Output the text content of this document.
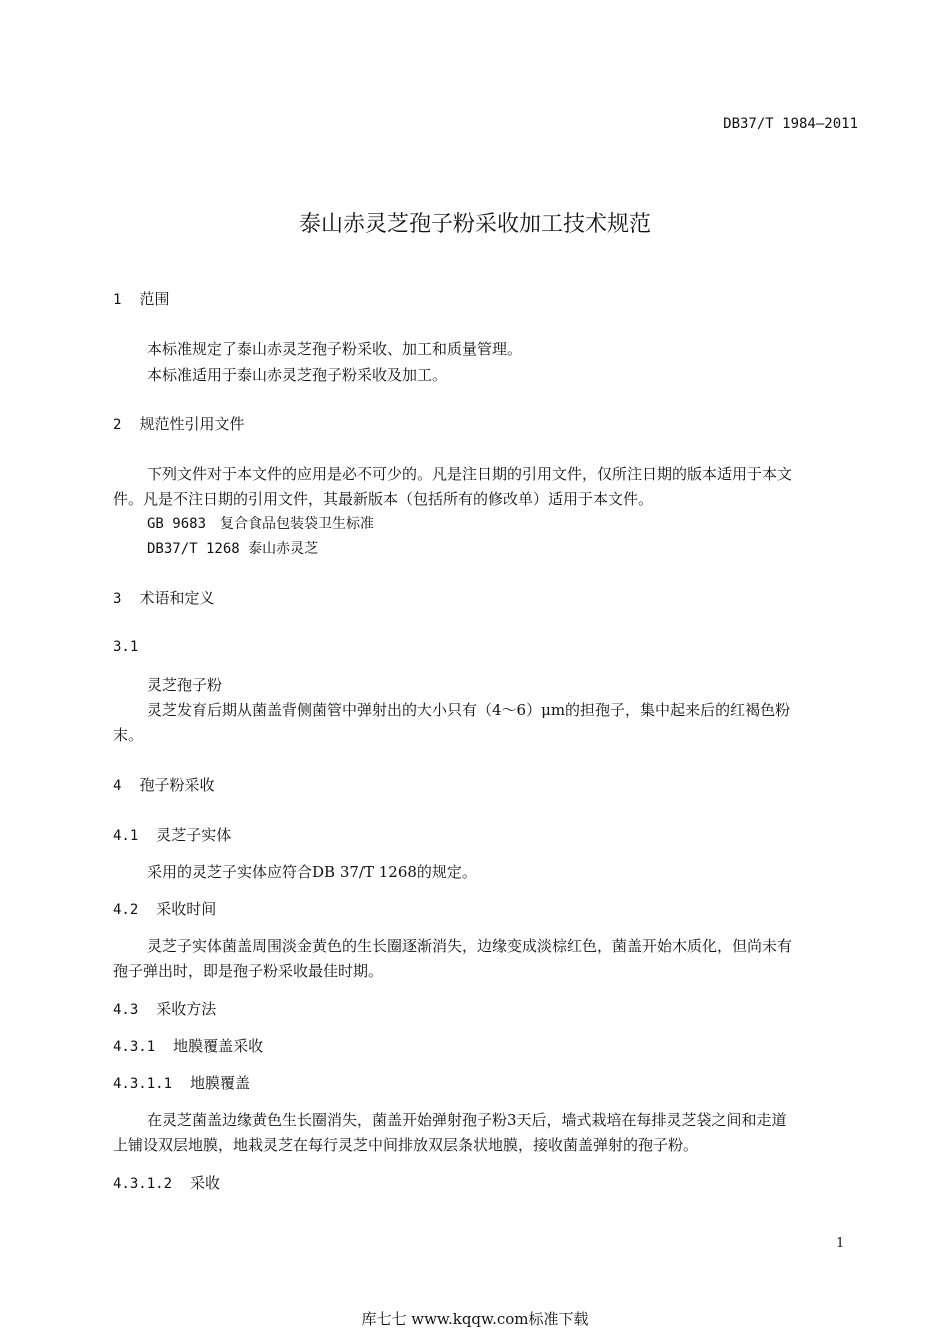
DB37/T 1984—2011
泰山赤灵芝孢子粉采收加工技术规范
1 范围
本标准规定了泰山赤灵芝孢子粉采收、加工和质量管理。
本标准适用于泰山赤灵芝孢子粉采收及加工。
2 规范性引用文件
下列文件对于本文件的应用是必不可少的。凡是注日期的引用文件，仅所注日期的版本适用于本文
件。凡是不注日期的引用文件，其最新版本（包括所有的修改单）适用于本文件。
GB 9683　复合食品包装袋卫生标准
DB37/T 1268 泰山赤灵芝
3 术语和定义
3.1
灵芝孢子粉
灵芝发育后期从菌盖背侧菌管中弹射出的大小只有（4～6）μm的担孢子，集中起来后的红褐色粉
末。
4 孢子粉采收
4.1 灵芝子实体
采用的灵芝子实体应符合DB 37/T 1268的规定。
4.2 采收时间
灵芝子实体菌盖周围淡金黄色的生长圈逐渐消失，边缘变成淡棕红色，菌盖开始木质化，但尚未有
孢子弹出时，即是孢子粉采收最佳时期。
4.3 采收方法
4.3.1 地膜覆盖采收
4.3.1.1 地膜覆盖
在灵芝菌盖边缘黄色生长圈消失，菌盖开始弹射孢子粉3天后，墙式栽培在每排灵芝袋之间和走道
上铺设双层地膜，地栽灵芝在每行灵芝中间排放双层条状地膜，接收菌盖弹射的孢子粉。
4.3.1.2 采收
1
库七七 www.kqqw.com标准下载
